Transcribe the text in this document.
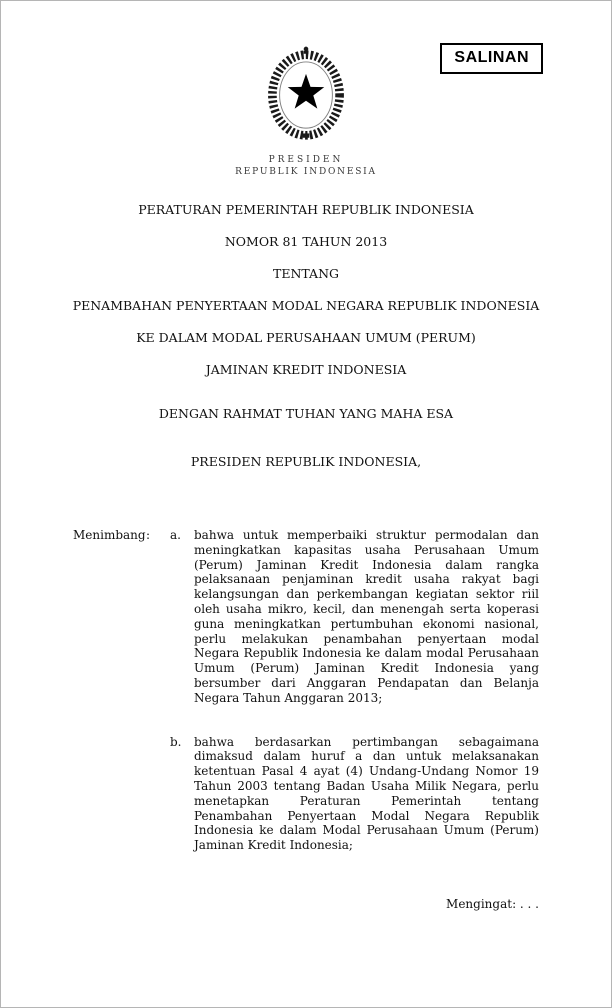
SALINAN
PRESIDEN
REPUBLIK INDONESIA
PERATURAN PEMERINTAH REPUBLIK INDONESIA
NOMOR 81 TAHUN 2013
TENTANG
PENAMBAHAN PENYERTAAN MODAL NEGARA REPUBLIK INDONESIA
KE DALAM MODAL PERUSAHAAN UMUM (PERUM)
JAMINAN KREDIT INDONESIA
DENGAN RAHMAT TUHAN YANG MAHA ESA
PRESIDEN REPUBLIK INDONESIA,
Menimbang :	a.	bahwa untuk memperbaiki struktur permodalan dan meningkatkan kapasitas usaha Perusahaan Umum (Perum) Jaminan Kredit Indonesia dalam rangka pelaksanaan penjaminan kredit usaha rakyat bagi kelangsungan dan perkembangan kegiatan sektor riil oleh usaha mikro, kecil, dan menengah serta koperasi guna meningkatkan pertumbuhan ekonomi nasional, perlu melakukan penambahan penyertaan modal Negara Republik Indonesia ke dalam modal Perusahaan Umum (Perum) Jaminan Kredit Indonesia yang bersumber dari Anggaran Pendapatan dan Belanja Negara Tahun Anggaran 2013;
b.	bahwa berdasarkan pertimbangan sebagaimana dimaksud dalam huruf a dan untuk melaksanakan ketentuan Pasal 4 ayat (4) Undang-Undang Nomor 19 Tahun 2003 tentang Badan Usaha Milik Negara, perlu menetapkan Peraturan Pemerintah tentang Penambahan Penyertaan Modal Negara Republik Indonesia ke dalam Modal Perusahaan Umum (Perum) Jaminan Kredit Indonesia;
Mengingat: . . .
